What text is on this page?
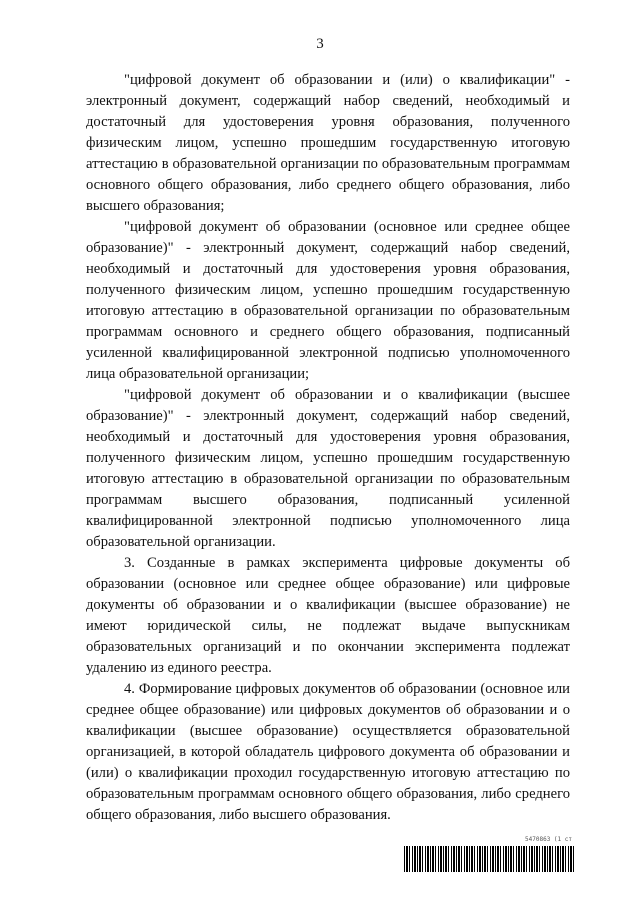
3

"цифровой документ об образовании и (или) о квалификации" - электронный документ, содержащий набор сведений, необходимый и достаточный для удостоверения уровня образования, полученного физическим лицом, успешно прошедшим государственную итоговую аттестацию в образовательной организации по образовательным программам основного общего образования, либо среднего общего образования, либо высшего образования;

"цифровой документ об образовании (основное или среднее общее образование)" - электронный документ, содержащий набор сведений, необходимый и достаточный для удостоверения уровня образования, полученного физическим лицом, успешно прошедшим государственную итоговую аттестацию в образовательной организации по образовательным программам основного и среднего общего образования, подписанный усиленной квалифицированной электронной подписью уполномоченного лица образовательной организации;

"цифровой документ об образовании и о квалификации (высшее образование)" - электронный документ, содержащий набор сведений, необходимый и достаточный для удостоверения уровня образования, полученного физическим лицом, успешно прошедшим государственную итоговую аттестацию в образовательной организации по образовательным программам высшего образования, подписанный усиленной квалифицированной электронной подписью уполномоченного лица образовательной организации.

3. Созданные в рамках эксперимента цифровые документы об образовании (основное или среднее общее образование) или цифровые документы об образовании и о квалификации (высшее образование) не имеют юридической силы, не подлежат выдаче выпускникам образовательных организаций и по окончании эксперимента подлежат удалению из единого реестра.

4. Формирование цифровых документов об образовании (основное или среднее общее образование) или цифровых документов об образовании и о квалификации (высшее образование) осуществляется образовательной организацией, в которой обладатель цифрового документа об образовании и (или) о квалификации проходил государственную итоговую аттестацию по образовательным программам основного общего образования, либо среднего общего образования, либо высшего образования.

5470863 (1 ст
